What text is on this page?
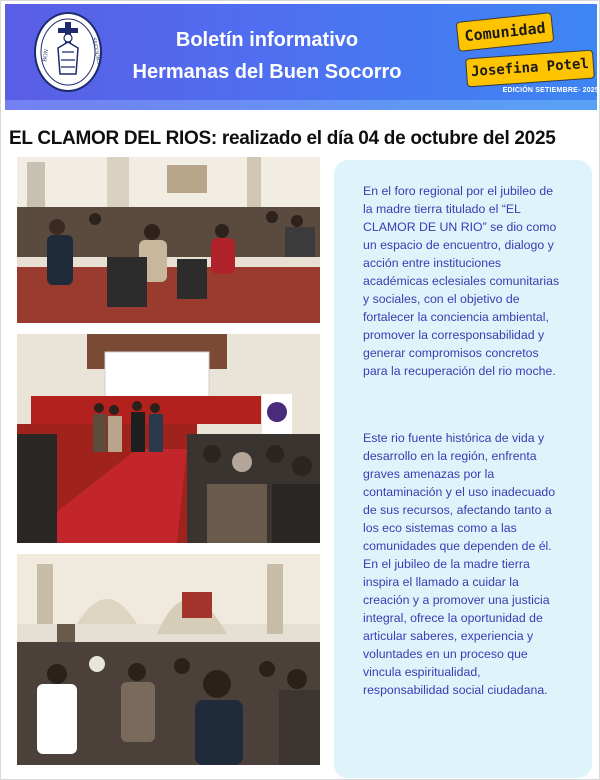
BON	SECOURS	Boletín informativo
Hermanas del Buen Socorro
Comunidad
Josefina Potel
EDICIÓN SETIEMBRE- 2025
EL CLAMOR DEL RIOS: realizado el día 04 de octubre del 2025
En el foro regional por el jubileo de la madre tierra titulado el “EL CLAMOR DE UN RIO” se dio como un espacio de encuentro, dialogo y acción entre instituciones académicas eclesiales comunitarias y sociales, con el objetivo de fortalecer la conciencia ambiental, promover la corresponsabilidad y generar compromisos concretos para la recuperación del rio moche.
Este rio fuente histórica de vida y desarrollo en la región, enfrenta graves amenazas por la contaminación y el uso inadecuado de sus recursos, afectando tanto a los eco sistemas como a las comunidades que dependen de él. En el jubileo de la madre tierra inspira el llamado a cuidar la creación y a promover una justicia integral, ofrece la oportunidad de articular saberes, experiencia y voluntades en un proceso que vincula espiritualidad, responsabilidad social ciudadana.
